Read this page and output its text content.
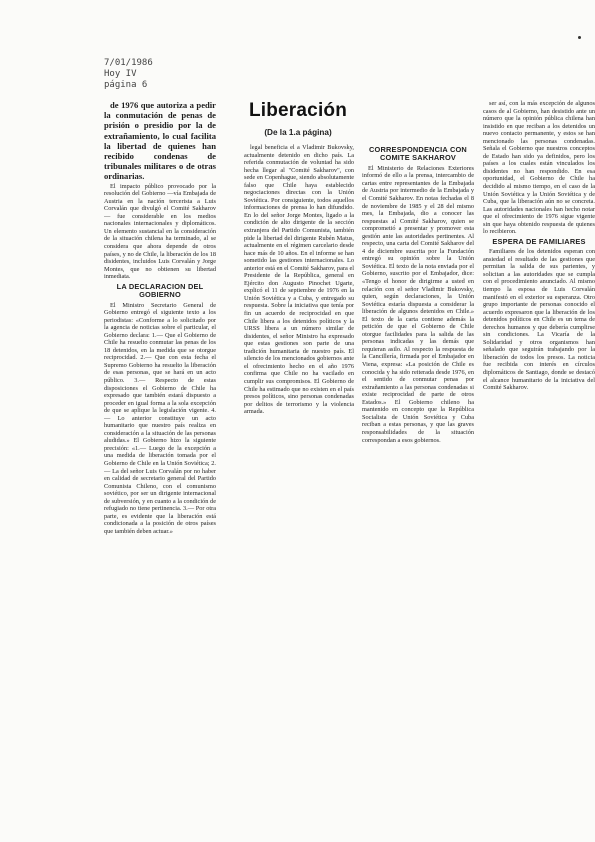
7/01/1986
Hoy IV
página 6
Liberación
(De la 1.a página)

de 1976 que autoriza a pedir la conmutación de penas de prisión o presidio por la de extrañamiento, lo cual facilita la libertad de quienes han recibido condenas de tribunales militares o de otras ordinarias.

El impacto público provocado por la resolución del Gobierno —vía Embajada de Austria en la nación tercerista a Luis Corvalán que divulgó el Comité Sakharov— fue considerable en los medios nacionales internacionales y diplomáticos. Un elemento sustancial en la consideración de la situación chilena ha terminado, al se considera que ahora depende de otros países, y no de Chile, la liberación de los 18 disidentes, incluidos Luis Corvalán y Jorge Montes, que no obtienen su libertad inmediata.

LA DECLARACION DEL GOBIERNO

El Ministro Secretario General de Gobierno entregó el siguiente texto a los periodistas: «Conforme a lo solicitado por la agencia de noticias sobre el particular, el Gobierno declara: 1.— Que el Gobierno de Chile ha resuelto conmutar las penas de los 18 detenidos, en la medida que se otorgue reciprocidad. 2.— Que con esta fecha el Supremo Gobierno ha resuelto la liberación de esas personas, que se hará en un acto público. 3.— Respecto de estas disposiciones el Gobierno de Chile ha expresado que también estará dispuesto a proceder en igual forma a la sola excepción de que se aplique la legislación vigente. 4.— Lo anterior constituye un acto humanitario que nuestro país realiza en consideración a la situación de las personas aludidas.» El Gobierno hizo la siguiente precisión: «1.— Luego de la excepción a una medida de liberación tomada por el Gobierno de Chile en la Unión Soviética; 2.— La del señor Luis Corvalán por no haber en calidad de secretario general del Partido Comunista Chileno, con el comunismo soviético, por ser un dirigente internacional de subversión, y en cuanto a la condición de refugiado no tiene pertinencia. 3.— Por otra parte, es evidente que la liberación está condicionada a la posición de otros países que también deben actuar.»

legal beneficia el a Vladimir Bukovsky, actualmente detenido en dicho país. La referida conmutación de voluntad ha sido hecha llegar al "Comité Sakharov", con sede en Copenhague, siendo absolutamente falso que Chile haya establecido negociaciones directas con la Unión Soviética. Por consiguiente, todos aquellos informaciones de prensa lo han difundido. En lo del señor Jorge Montes, ligado a la condición de alto dirigente de la sección extranjera del Partido Comunista, también pide la libertad del dirigente Rubén Matus, actualmente en el régimen carcelario desde hace más de 10 años. En el informe se han sometido las gestiones internacionales. Lo anterior está en el Comité Sakharov, para el Presidente de la República, general en Ejército don Augusto Pinochet Ugarte, explicó el 11 de septiembre de 1976 en la Unión Soviética y a Cuba, y entregado su respuesta. Sobre la iniciativa que tenía por fin un acuerdo de reciprocidad en que Chile libera a los detenidos políticos y la URSS libera a un número similar de disidentes, el señor Ministro ha expresado que estas gestiones son parte de una tradición humanitaria de nuestro país. El silencio de los mencionados gobiernos ante el ofrecimiento hecho en el año 1976 confirma que Chile no ha vacilado en cumplir sus compromisos. El Gobierno de Chile ha estimado que no existen en el país presos políticos, sino personas condenadas por delitos de terrorismo y la violencia armada.

CORRESPONDENCIA CON COMITE SAKHAROV

El Ministerio de Relaciones Exteriores informó de ello a la prensa, intercambio de cartas entre representantes de la Embajada de Austria por intermedio de la Embajada y el Comité Sakharov. En notas fechadas el 8 de noviembre de 1985 y el 28 del mismo mes, la Embajada, dio a conocer las respuestas al Comité Sakharov, quien se comprometió a presentar y promover esta gestión ante las autoridades pertinentes. Al respecto, una carta del Comité Sakharov del 4 de diciembre suscrita por la Fundación entregó su opinión sobre la Unión Soviética. El texto de la nota enviada por el Gobierno, suscrito por el Embajador, dice: «Tengo el honor de dirigirme a usted en relación con el señor Vladimir Bukovsky, quien, según declaraciones, la Unión Soviética estaría dispuesta a considerar la liberación de algunos detenidos en Chile.» El texto de la carta contiene además la petición de que el Gobierno de Chile otorgue facilidades para la salida de las personas indicadas y las demás que requieran asilo. Al respecto la respuesta de la Cancillería, firmada por el Embajador en Viena, expresa: «La posición de Chile es conocida y ha sido reiterada desde 1976, en el sentido de conmutar penas por extrañamiento a las personas condenadas si existe reciprocidad de parte de otros Estados.» El Gobierno chileno ha mantenido en concepto que la República Socialista de Unión Soviética y Cuba reciban a estas personas, y que las graves responsabilidades de la situación correspondan a esos gobiernos.

ser así, con la más excepción de algunos casos de al Gobierno, han desistido ante un número que la opinión pública chilena han insistido en que reciban a los detenidos un nuevo contacto permanente, y estos se han mencionado las personas condenadas. Señala el Gobierno que nuestros conceptos de Estado han sido ya definidos, pero los países a los cuales están vinculados los disidentes no han respondido. En esa oportunidad, el Gobierno de Chile ha decidido al mismo tiempo, en el caso de la Unión Soviética y la Unión Soviética y de Cuba, que la liberación aún no se concreta. Las autoridades nacionales han hecho notar que el ofrecimiento de 1976 sigue vigente sin que haya obtenido respuesta de quienes lo recibieron.

ESPERA DE FAMILIARES

Familiares de los detenidos esperan con ansiedad el resultado de las gestiones que permitan la salida de sus parientes, y solicitan a las autoridades que se cumpla con el procedimiento anunciado. Al mismo tiempo la esposa de Luis Corvalán manifestó en el exterior su esperanza. Otro grupo importante de personas conocido el acuerdo expresaron que la liberación de los detenidos políticos en Chile es un tema de derechos humanos y que debería cumplirse sin condiciones. La Vicaría de la Solidaridad y otros organismos han señalado que seguirán trabajando por la liberación de todos los presos. La noticia fue recibida con interés en círculos diplomáticos de Santiago, donde se destacó el alcance humanitario de la iniciativa del Comité Sakharov.
